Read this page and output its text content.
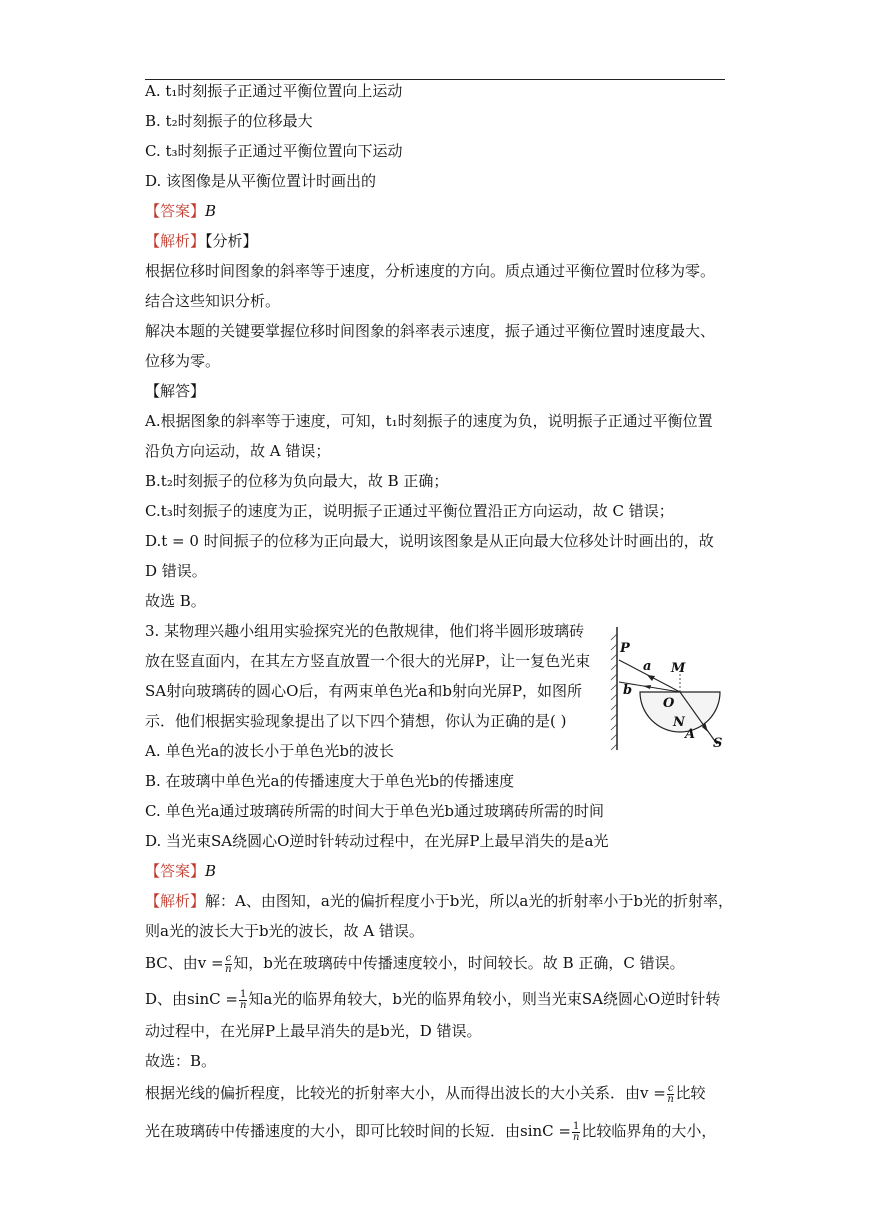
A. t₁时刻振子正通过平衡位置向上运动
B. t₂时刻振子的位移最大
C. t₃时刻振子正通过平衡位置向下运动
D. 该图像是从平衡位置计时画出的
【答案】B
【解析】【分析】
根据位移时间图象的斜率等于速度，分析速度的方向。质点通过平衡位置时位移为零。
结合这些知识分析。
解决本题的关键要掌握位移时间图象的斜率表示速度，振子通过平衡位置时速度最大、
位移为零。
【解答】
A.根据图象的斜率等于速度，可知，t₁时刻振子的速度为负，说明振子正通过平衡位置
沿负方向运动，故 A 错误；
B.t₂时刻振子的位移为负向最大，故 B 正确；
C.t₃时刻振子的速度为正，说明振子正通过平衡位置沿正方向运动，故 C 错误；
D.t = 0 时间振子的位移为正向最大，说明该图象是从正向最大位移处计时画出的，故
D 错误。
故选 B。
3. 某物理兴趣小组用实验探究光的色散规律，他们将半圆形玻璃砖
放在竖直面内，在其左方竖直放置一个很大的光屏P，让一复色光束
SA射向玻璃砖的圆心O后，有两束单色光a和b射向光屏P，如图所
示．他们根据实验现象提出了以下四个猜想，你认为正确的是( )
P
a M
b
O
N
A
S
A. 单色光a的波长小于单色光b的波长
B. 在玻璃中单色光a的传播速度大于单色光b的传播速度
C. 单色光a通过玻璃砖所需的时间大于单色光b通过玻璃砖所需的时间
D. 当光束SA绕圆心O逆时针转动过程中，在光屏P上最早消失的是a光
【答案】B
【解析】解：A、由图知，a光的偏折程度小于b光，所以a光的折射率小于b光的折射率，
则a光的波长大于b光的波长，故 A 错误。
BC、由$v = \frac{c}{n}$ 知，b光在玻璃砖中传播速度较小，时间较长。故 B 正确，C 错误。
D、由$\sin C = \frac{1}{n}$ 知a光的临界角较大，b光的临界角较小，则当光束SA绕圆心O逆时针转
动过程中，在光屏P上最早消失的是b光，D 错误。
故选：B。
根据光线的偏折程度，比较光的折射率大小，从而得出波长的大小关系．由$v = \frac{c}{n}$ 比较
光在玻璃砖中传播速度的大小，即可比较时间的长短．由$\sin C = \frac{1}{n}$ 比较临界角的大小，
